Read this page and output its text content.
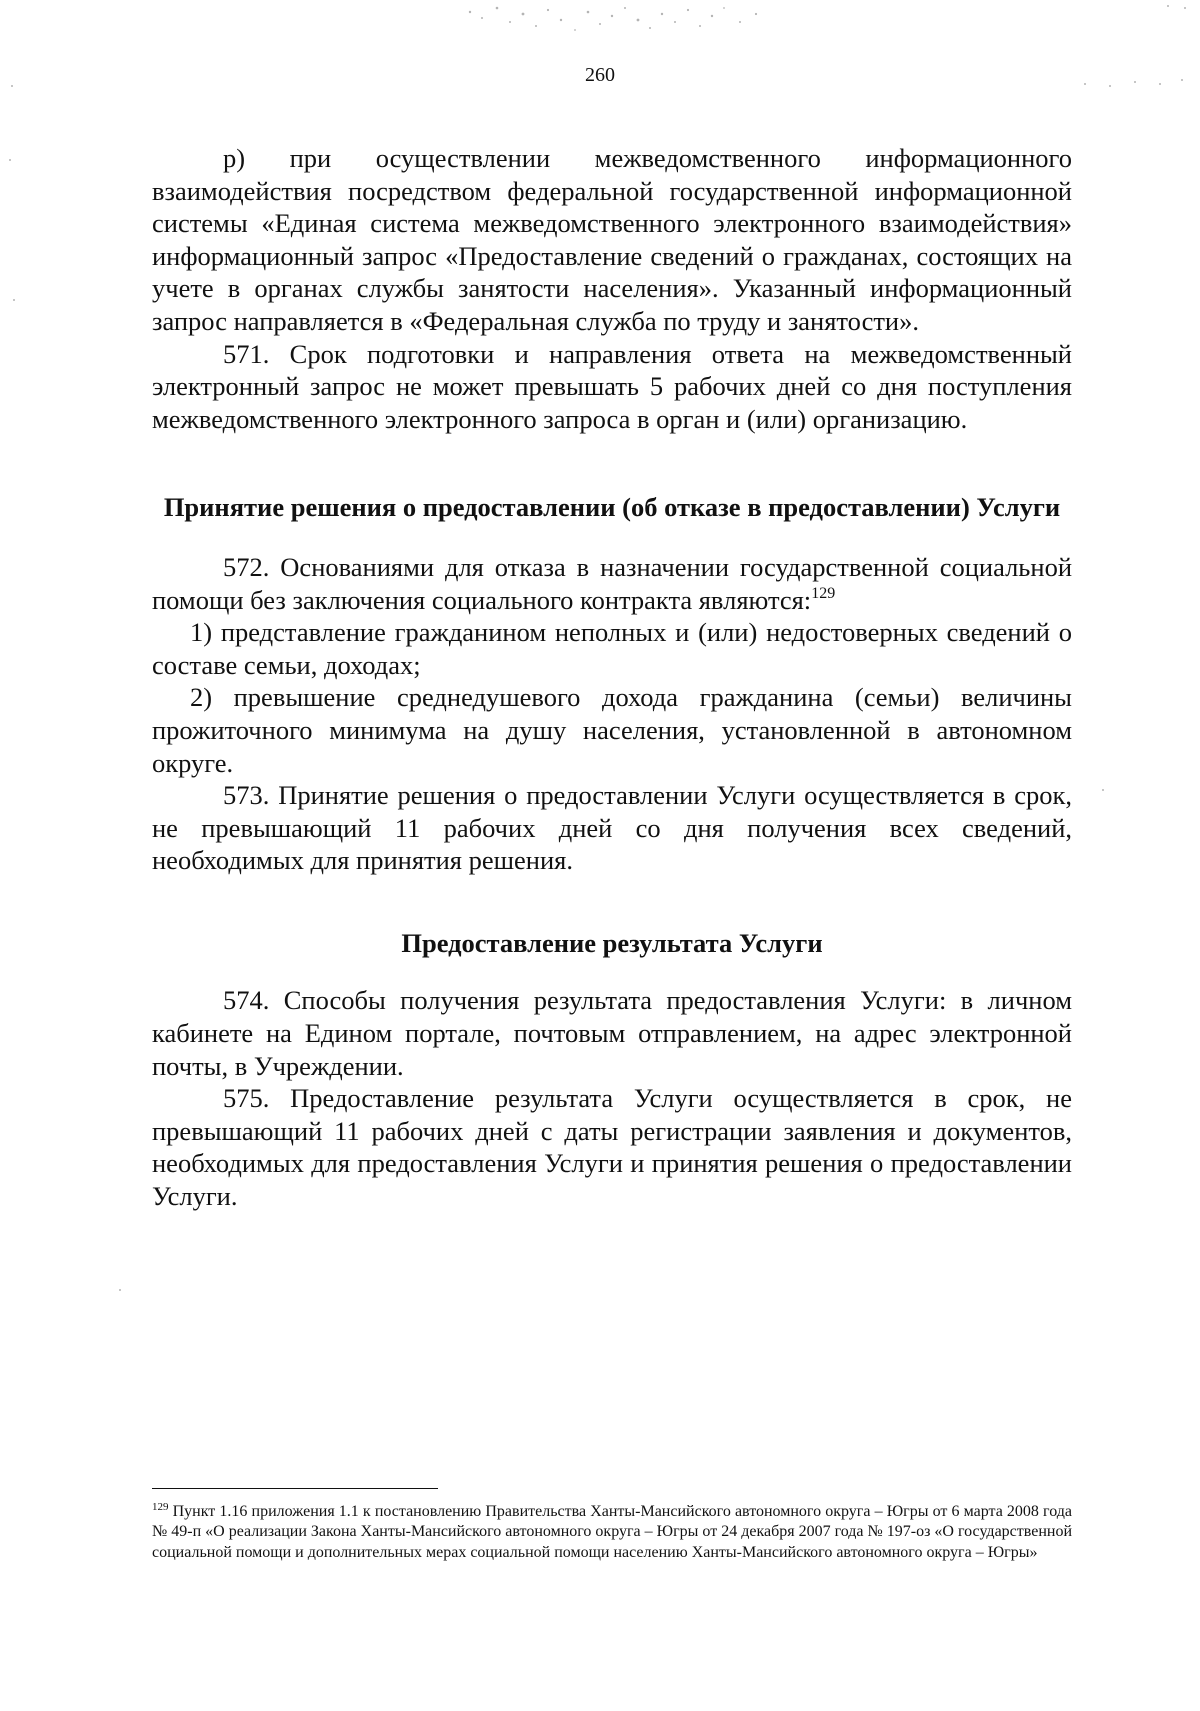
260

р) при осуществлении межведомственного информационного взаимодействия посредством федеральной государственной информационной системы «Единая система межведомственного электронного взаимодействия» информационный запрос «Предоставление сведений о гражданах, состоящих на учете в органах службы занятости населения». Указанный информационный запрос направляется в «Федеральная служба по труду и занятости».

571. Срок подготовки и направления ответа на межведомственный электронный запрос не может превышать 5 рабочих дней со дня поступления межведомственного электронного запроса в орган и (или) организацию.

Принятие решения о предоставлении (об отказе в предоставлении) Услуги

572. Основаниями для отказа в назначении государственной социальной помощи без заключения социального контракта являются:$^{129}$

1) представление гражданином неполных и (или) недостоверных сведений о составе семьи, доходах;

2) превышение среднедушевого дохода гражданина (семьи) величины прожиточного минимума на душу населения, установленной в автономном округе.

573. Принятие решения о предоставлении Услуги осуществляется в срок, не превышающий 11 рабочих дней со дня получения всех сведений, необходимых для принятия решения.

Предоставление результата Услуги

574. Способы получения результата предоставления Услуги: в личном кабинете на Едином портале, почтовым отправлением, на адрес электронной почты, в Учреждении.

575. Предоставление результата Услуги осуществляется в срок, не превышающий 11 рабочих дней с даты регистрации заявления и документов, необходимых для предоставления Услуги и принятия решения о предоставлении Услуги.

$^{129}$ Пункт 1.16 приложения 1.1 к постановлению Правительства Ханты-Мансийского автономного округа – Югры от 6 марта 2008 года № 49-п «О реализации Закона Ханты-Мансийского автономного округа – Югры от 24 декабря 2007 года № 197-оз «О государственной социальной помощи и дополнительных мерах социальной помощи населению Ханты-Мансийского автономного округа – Югры»
